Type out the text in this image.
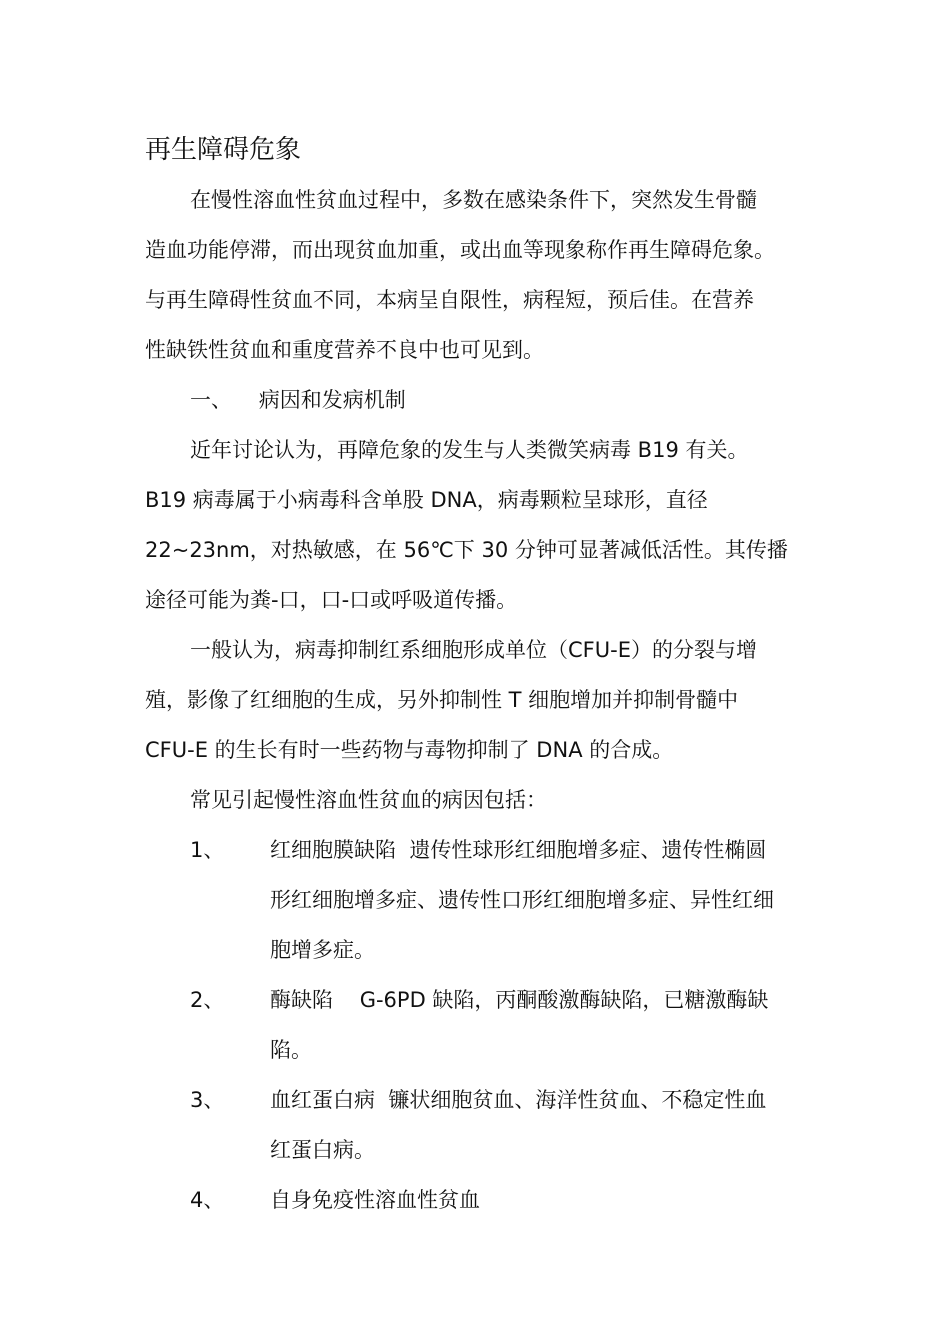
再生障碍危象
在慢性溶血性贫血过程中，多数在感染条件下，突然发生骨髓
造血功能停滞，而出现贫血加重，或出血等现象称作再生障碍危象。
与再生障碍性贫血不同，本病呈自限性，病程短，预后佳。在营养
性缺铁性贫血和重度营养不良中也可见到。
一、    病因和发病机制
近年讨论认为，再障危象的发生与人类微笑病毒 B19 有关。
B19 病毒属于小病毒科含单股 DNA，病毒颗粒呈球形，直径
22~23nm，对热敏感，在 56℃下 30 分钟可显著减低活性。其传播
途径可能为粪-口，口-口或呼吸道传播。
一般认为，病毒抑制红系细胞形成单位（CFU-E）的分裂与增
殖，影像了红细胞的生成，另外抑制性 T 细胞增加并抑制骨髓中
CFU-E 的生长有时一些药物与毒物抑制了 DNA 的合成。
常见引起慢性溶血性贫血的病因包括：
1、 红细胞膜缺陷  遗传性球形红细胞增多症、遗传性椭圆
形红细胞增多症、遗传性口形红细胞增多症、异性红细
胞增多症。
2、 酶缺陷    G-6PD 缺陷，丙酮酸激酶缺陷，已糖激酶缺
陷。
3、 血红蛋白病  镰状细胞贫血、海洋性贫血、不稳定性血
红蛋白病。
4、 自身免疫性溶血性贫血
